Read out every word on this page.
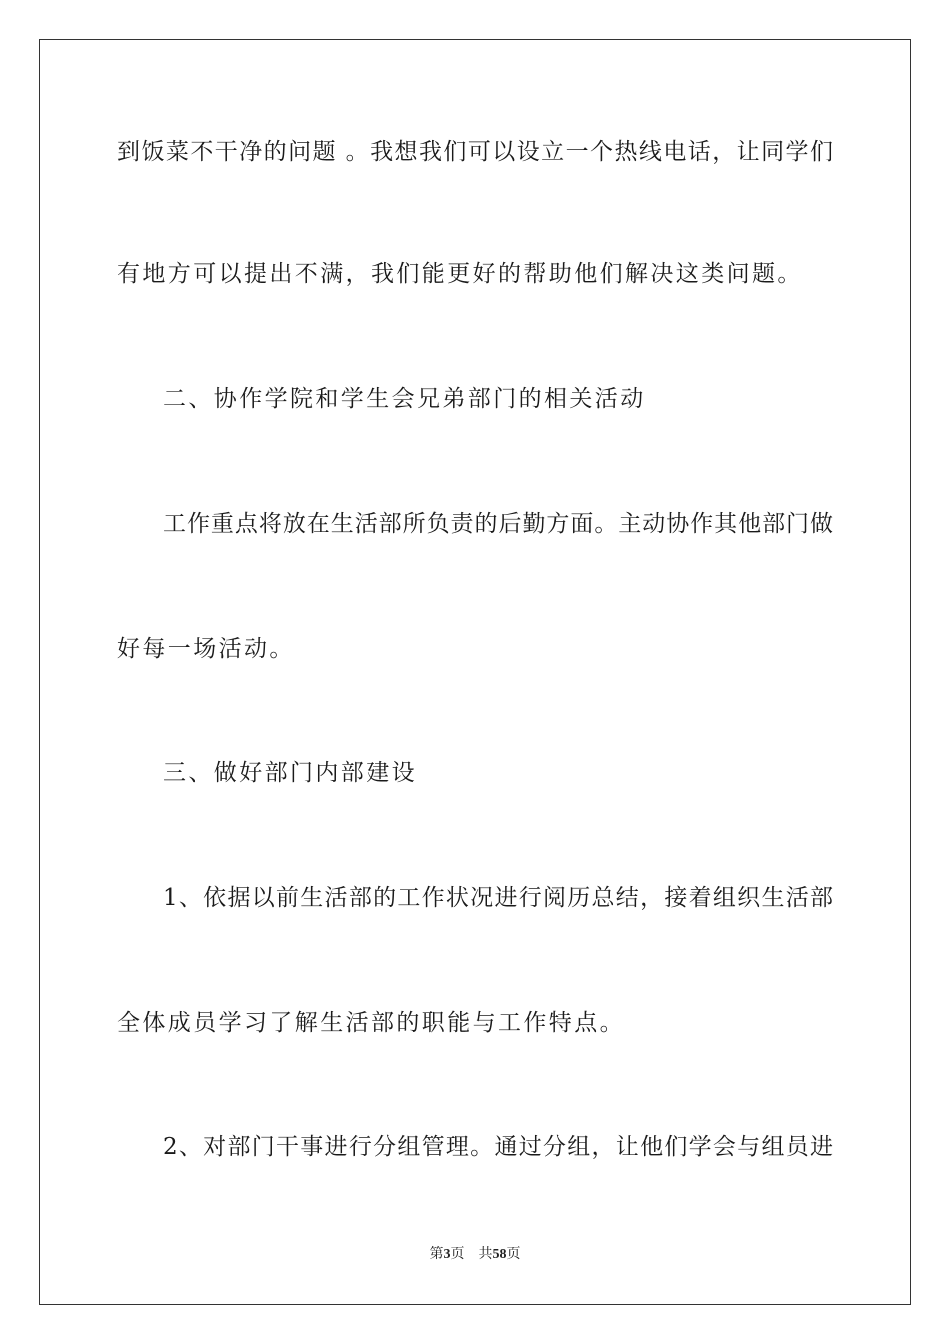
到饭菜不干净的问题 。我想我们可以设立一个热线电话，让同学们
有地方可以提出不满，我们能更好的帮助他们解决这类问题。
二、协作学院和学生会兄弟部门的相关活动
工作重点将放在生活部所负责的后勤方面。主动协作其他部门做
好每一场活动。
三、做好部门内部建设
1、依据以前生活部的工作状况进行阅历总结，接着组织生活部
全体成员学习了解生活部的职能与工作特点。
2、对部门干事进行分组管理。通过分组，让他们学会与组员进
第3页 共58页
